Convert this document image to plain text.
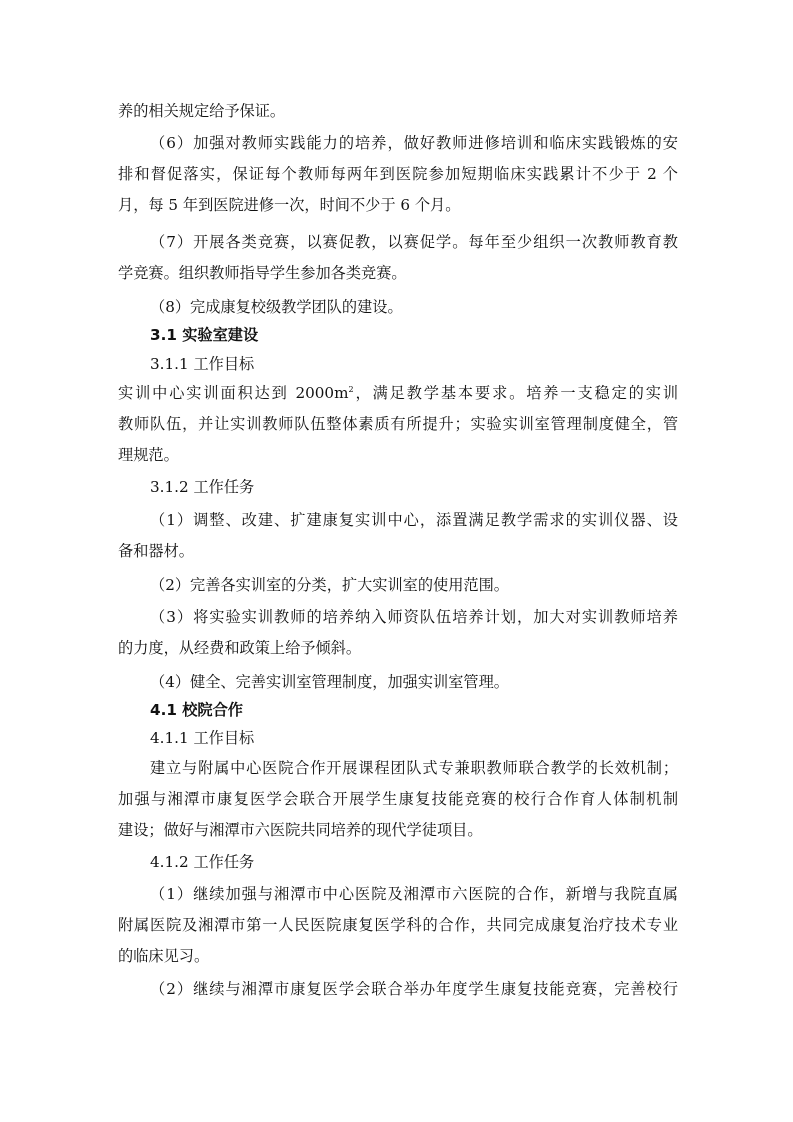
养的相关规定给予保证。
（6）加强对教师实践能力的培养，做好教师进修培训和临床实践锻炼的安
排和督促落实，保证每个教师每两年到医院参加短期临床实践累计不少于 2 个
月，每 5 年到医院进修一次，时间不少于 6 个月。
（7）开展各类竞赛，以赛促教，以赛促学。每年至少组织一次教师教育教
学竞赛。组织教师指导学生参加各类竞赛。
（8）完成康复校级教学团队的建设。
3.1 实验室建设
3.1.1 工作目标
实训中心实训面积达到 $2000m^2$，满足教学基本要求。培养一支稳定的实训
教师队伍，并让实训教师队伍整体素质有所提升；实验实训室管理制度健全，管
理规范。
3.1.2 工作任务
（1）调整、改建、扩建康复实训中心，添置满足教学需求的实训仪器、设
备和器材。
（2）完善各实训室的分类，扩大实训室的使用范围。
（3）将实验实训教师的培养纳入师资队伍培养计划，加大对实训教师培养
的力度，从经费和政策上给予倾斜。
（4）健全、完善实训室管理制度，加强实训室管理。
4.1 校院合作
4.1.1 工作目标
建立与附属中心医院合作开展课程团队式专兼职教师联合教学的长效机制；
加强与湘潭市康复医学会联合开展学生康复技能竞赛的校行合作育人体制机制
建设；做好与湘潭市六医院共同培养的现代学徒项目。
4.1.2 工作任务
（1）继续加强与湘潭市中心医院及湘潭市六医院的合作，新增与我院直属
附属医院及湘潭市第一人民医院康复医学科的合作，共同完成康复治疗技术专业
的临床见习。
（2）继续与湘潭市康复医学会联合举办年度学生康复技能竞赛，完善校行
